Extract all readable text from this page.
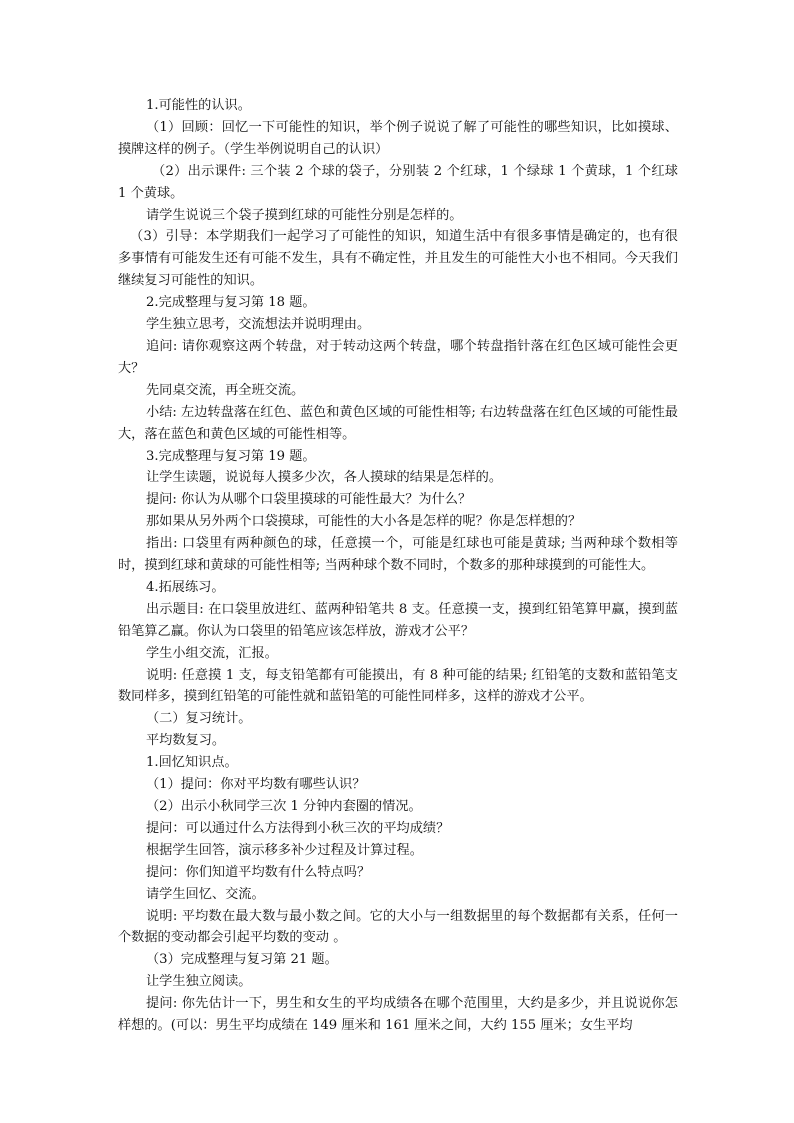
1.可能性的认识。

（1）回顾：回忆一下可能性的知识，举个例子说说了解了可能性的哪些知识，比如摸球、摸牌这样的例子。（学生举例说明自己的认识）

（2）出示课件: 三个装 2 个球的袋子，分别装 2 个红球，1 个绿球 1 个黄球，1 个红球 1 个黄球。

请学生说说三个袋子摸到红球的可能性分别是怎样的。

（3）引导：本学期我们一起学习了可能性的知识，知道生活中有很多事情是确定的，也有很多事情有可能发生还有可能不发生，具有不确定性，并且发生的可能性大小也不相同。今天我们继续复习可能性的知识。

2.完成整理与复习第 18 题。

学生独立思考，交流想法并说明理由。

追问: 请你观察这两个转盘，对于转动这两个转盘，哪个转盘指针落在红色区域可能性会更大？

先同桌交流，再全班交流。

小结: 左边转盘落在红色、蓝色和黄色区域的可能性相等; 右边转盘落在红色区域的可能性最大，落在蓝色和黄色区域的可能性相等。

3.完成整理与复习第 19 题。

让学生读题，说说每人摸多少次，各人摸球的结果是怎样的。

提问: 你认为从哪个口袋里摸球的可能性最大？为什么？

那如果从另外两个口袋摸球，可能性的大小各是怎样的呢？你是怎样想的？

指出: 口袋里有两种颜色的球，任意摸一个，可能是红球也可能是黄球; 当两种球个数相等时，摸到红球和黄球的可能性相等; 当两种球个数不同时，个数多的那种球摸到的可能性大。

4.拓展练习。

出示题目: 在口袋里放进红、蓝两种铅笔共 8 支。任意摸一支，摸到红铅笔算甲赢，摸到蓝铅笔算乙赢。你认为口袋里的铅笔应该怎样放，游戏才公平？

学生小组交流，汇报。

说明: 任意摸 1 支，每支铅笔都有可能摸出，有 8 种可能的结果; 红铅笔的支数和蓝铅笔支数同样多，摸到红铅笔的可能性就和蓝铅笔的可能性同样多，这样的游戏才公平。

（二）复习统计。

平均数复习。

1.回忆知识点。

（1）提问：你对平均数有哪些认识？

（2）出示小秋同学三次 1 分钟内套圈的情况。

提问：可以通过什么方法得到小秋三次的平均成绩？

根据学生回答，演示移多补少过程及计算过程。

提问：你们知道平均数有什么特点吗？

请学生回忆、交流。

说明: 平均数在最大数与最小数之间。它的大小与一组数据里的每个数据都有关系，任何一个数据的变动都会引起平均数的变动 。

（3）完成整理与复习第 21 题。

让学生独立阅读。

提问: 你先估计一下，男生和女生的平均成绩各在哪个范围里，大约是多少，并且说说你怎样想的。(可以：男生平均成绩在 149 厘米和 161 厘米之间，大约 155 厘米；女生平均
